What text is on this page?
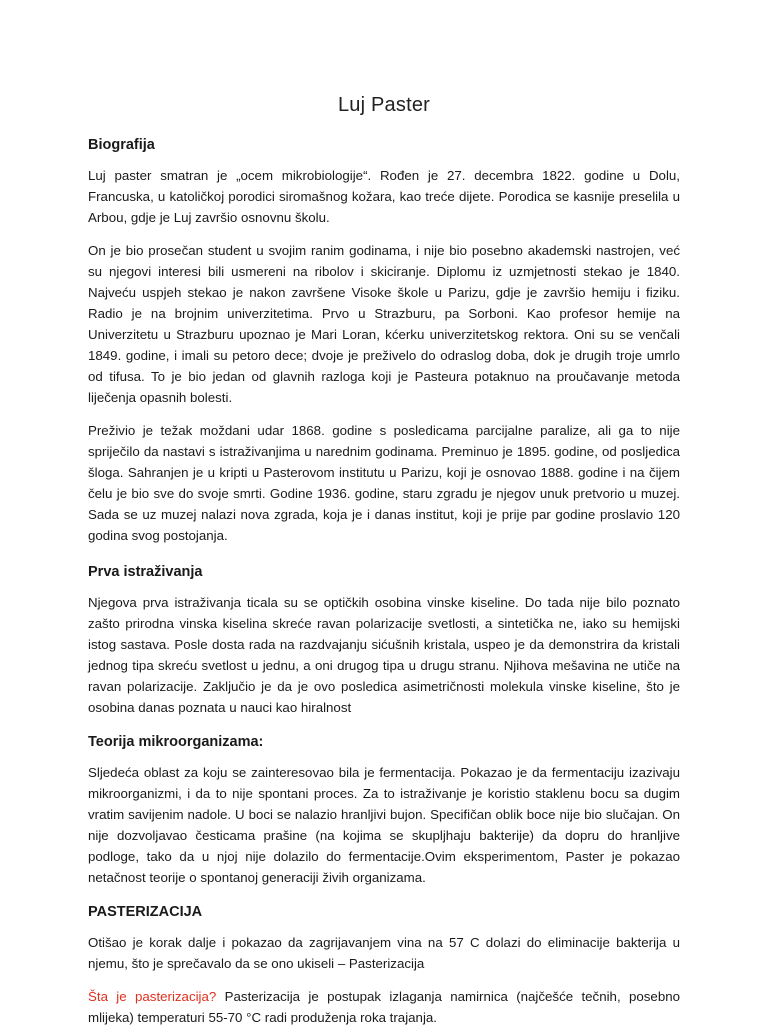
Luj Paster
Biografija

Luj paster smatran je „ocem mikrobiologije“. Rođen je 27. decembra 1822. godine u Dolu, Francuska, u katoličkoj porodici siromašnog kožara, kao treće dijete. Porodica se kasnije preselila u Arbou, gdje je Luj završio osnovnu školu.

On je bio prosečan student u svojim ranim godinama, i nije bio posebno akademski nastrojen, već su njegovi interesi bili usmereni na ribolov i skiciranje. Diplomu iz uzmjetnosti stekao je 1840. Najveću uspjeh stekao je nakon završene Visoke škole u Parizu, gdje je završio hemiju i fiziku. Radio je na brojnim univerzitetima. Prvo u Strazburu, pa Sorboni. Kao profesor hemije na Univerzitetu u Strazburu upoznao je Mari Loran, kćerku univerzitetskog rektora. Oni su se venčali 1849. godine, i imali su petoro dece; dvoje je preživelo do odraslog doba, dok je drugih troje umrlo od tifusa. To je bio jedan od glavnih razloga koji je Pasteura potaknuo na proučavanje metoda liječenja opasnih bolesti.

Preživio je težak moždani udar 1868. godine s posledicama parcijalne paralize, ali ga to nije spriječilo da nastavi s istraživanjima u narednim godinama. Preminuo je 1895. godine, od posljedica šloga. Sahranjen je u kripti u Pasterovom institutu u Parizu, koji je osnovao 1888. godine i na čijem čelu je bio sve do svoje smrti. Godine 1936. godine, staru zgradu je njegov unuk pretvorio u muzej. Sada se uz muzej nalazi nova zgrada, koja je i danas institut, koji je prije par godine proslavio 120 godina svog postojanja.

Prva istraživanja

Njegova prva istraživanja ticala su se optičkih osobina vinske kiseline. Do tada nije bilo poznato zašto prirodna vinska kiselina skreće ravan polarizacije svetlosti, a sintetička ne, iako su hemijski istog sastava. Posle dosta rada na razdvajanju sićušnih kristala, uspeo je da demonstrira da kristali jednog tipa skreću svetlost u jednu, a oni drugog tipa u drugu stranu. Njihova mešavina ne utiče na ravan polarizacije. Zaključio je da je ovo posledica asimetričnosti molekula vinske kiseline, što je osobina danas poznata u nauci kao hiralnost

Teorija mikroorganizama:

Sljedeća oblast za koju se zainteresovao bila je fermentacija. Pokazao je da fermentaciju izazivaju mikroorganizmi, i da to nije spontani proces. Za to istraživanje je koristio staklenu bocu sa dugim vratim savijenim nadole. U boci se nalazio hranljivi bujon. Specifičan oblik boce nije bio slučajan. On nije dozvoljavao česticama prašine (na kojima se skupljhaju bakterije) da dopru do hranljive podloge, tako da u njoj nije dolazilo do fermentacije.Ovim eksperimentom, Paster je pokazao netačnost teorije o spontanoj generaciji živih organizama.

PASTERIZACIJA

Otišao je korak dalje i pokazao da zagrijavanjem vina na 57 C dolazi do eliminacije bakterija u njemu, što je sprečavalo da se ono ukiseli – Pasterizacija

Šta je pasterizacija? Pasterizacija je postupak izlaganja namirnica (najčešće tečnih, posebno mlijeka) temperaturi 55-70 °C radi produženja roka trajanja.
